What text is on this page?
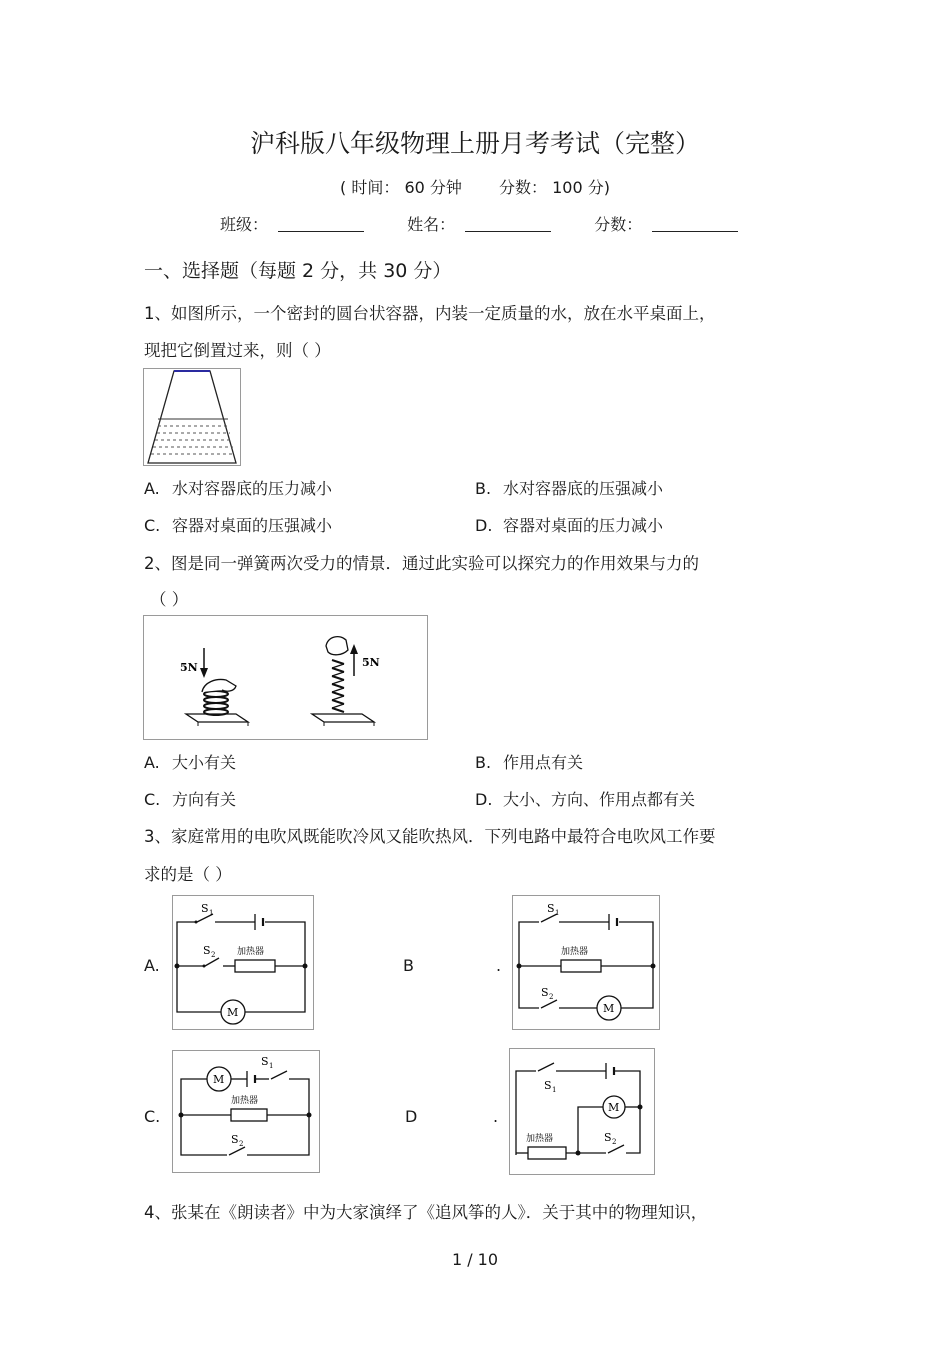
沪科版八年级物理上册月考考试（完整）
( 时间： 60 分钟 分数： 100 分)
班级：	姓名：	分数：
一、选择题（每题 2 分，共 30 分）
1、如图所示，一个密封的圆台状容器，内装一定质量的水，放在水平桌面上，
现把它倒置过来，则（ ）
A. 水对容器底的压力减小	B. 水对容器底的压强减小
C. 容器对桌面的压强减小	D. 容器对桌面的压力减小
2、图是同一弹簧两次受力的情景．通过此实验可以探究力的作用效果与力的
（ ）
5N	5N
A. 大小有关	B. 作用点有关
C. 方向有关	D. 大小、方向、作用点都有关
3、家庭常用的电吹风既能吹冷风又能吹热风．下列电路中最符合电吹风工作要
求的是（ ）
A.
S 1
S 2 加热器
M
B	.
S 1
加热器
S 2
M
C.
M
S 1
加热器
S 2
D	.
S 1
M
加热器	S 2
4、张某在《朗读者》中为大家演绎了《追风筝的人》．关于其中的物理知识，
1 / 10
